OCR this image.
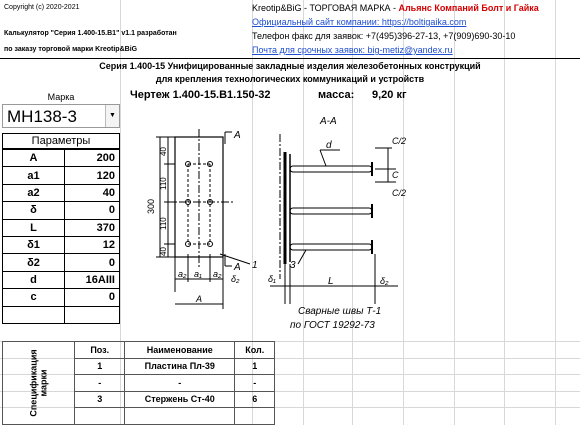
Copyright (c) 2020-2021
Калькулятор "Серия 1.400-15.В1" v1.1 разработан
по заказу торговой марки Kreotip&BiG
Kreotip&BiG - ТОРГОВАЯ МАРКА - Альянс Компаний Болт и Гайка
Официальный сайт компании: https://boltigaika.com
Телефон факс для заявок: +7(495)396-27-13, +7(909)690-30-10
Почта для срочных заявок: big-metiz@yandex.ru
Серия 1.400-15 Унифицированные закладные изделия железобетонных конструкций
для крепления технологических коммуникаций и устройств
Чертеж 1.400-15.В1.150-32	масса: 9,20 кг
Марка
МН138-3	▼
Параметры
A	200
a1	120
a2	40
δ	0
L	370
δ1	12
δ2	0
d	16AIII
c	0

А-А
А
А
300
40
110
110
40
1
a₂ a₁ a₂
А
δ₂	δ₁
d	С/2
С
С/2
3
L	δ₂
Сварные швы Т-1
по ГОСТ 19292-73
Спецификация
марки	Поз.	Наименование	Кол.
	1	Пластина Пл-39	1
	-	-	-
	3	Стержень Ст-40	6
